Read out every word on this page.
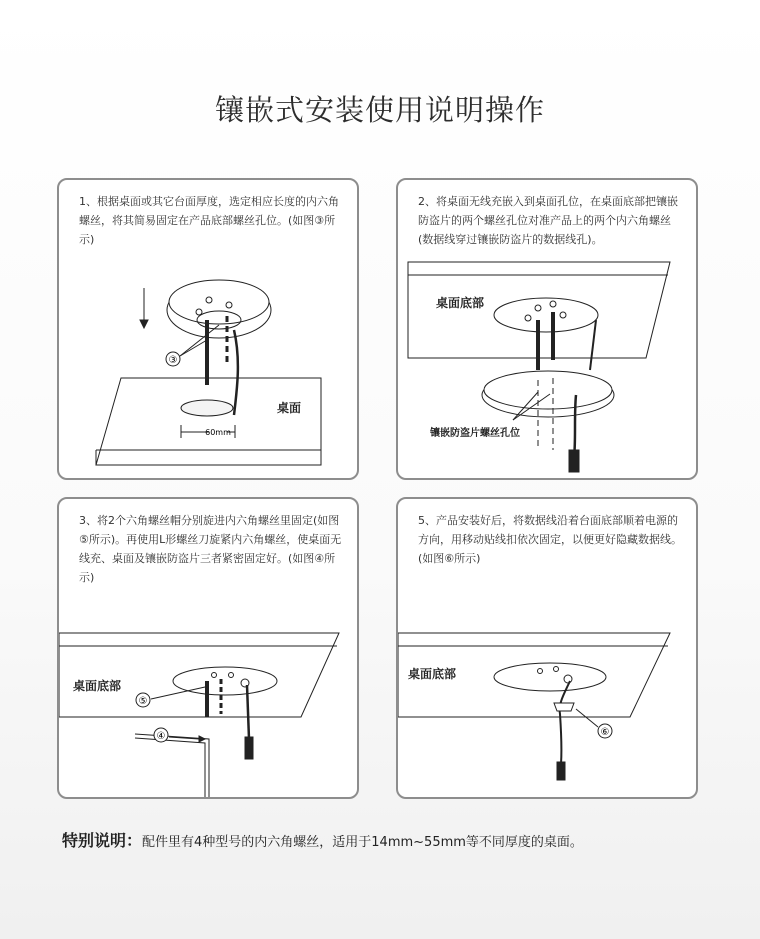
镶嵌式安装使用说明操作
1、根据桌面或其它台面厚度，选定相应长度的内六角螺丝，将其简易固定在产品底部螺丝孔位。(如图③所示)
③
桌面
60mm
2、将桌面无线充嵌入到桌面孔位，在桌面底部把镶嵌防盗片的两个螺丝孔位对准产品上的两个内六角螺丝(数据线穿过镶嵌防盗片的数据线孔)。
桌面底部
镶嵌防盗片螺丝孔位
3、将2个六角螺丝帽分别旋进内六角螺丝里固定(如图⑤所示)。再使用L形螺丝刀旋紧内六角螺丝，使桌面无线充、桌面及镶嵌防盗片三者紧密固定好。(如图④所示)
桌面底部
⑤
④
5、产品安装好后，将数据线沿着台面底部顺着电源的方向，用移动贴线扣依次固定，以便更好隐藏数据线。(如图⑥所示)
桌面底部
⑥
特别说明：配件里有4种型号的内六角螺丝，适用于14mm~55mm等不同厚度的桌面。
